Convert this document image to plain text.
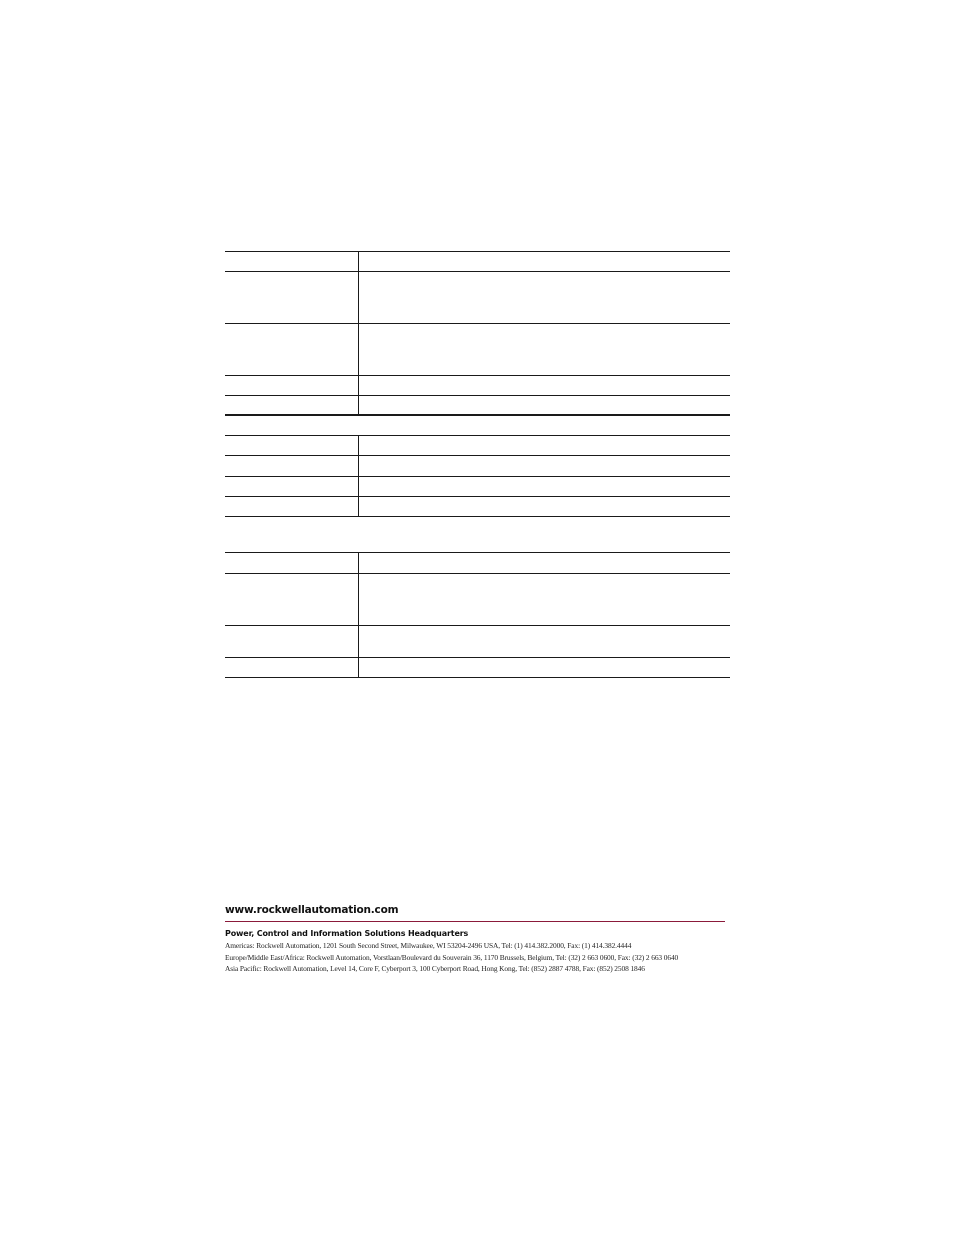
www.rockwellautomation.com

Power, Control and Information Solutions Headquarters

Americas: Rockwell Automation, 1201 South Second Street, Milwaukee, WI 53204-2496 USA, Tel: (1) 414.382.2000, Fax: (1) 414.382.4444

Europe/Middle East/Africa: Rockwell Automation, Vorstlaan/Boulevard du Souverain 36, 1170 Brussels, Belgium, Tel: (32) 2 663 0600, Fax: (32) 2 663 0640

Asia Pacific: Rockwell Automation, Level 14, Core F, Cyberport 3, 100 Cyberport Road, Hong Kong, Tel: (852) 2887 4788, Fax: (852) 2508 1846
